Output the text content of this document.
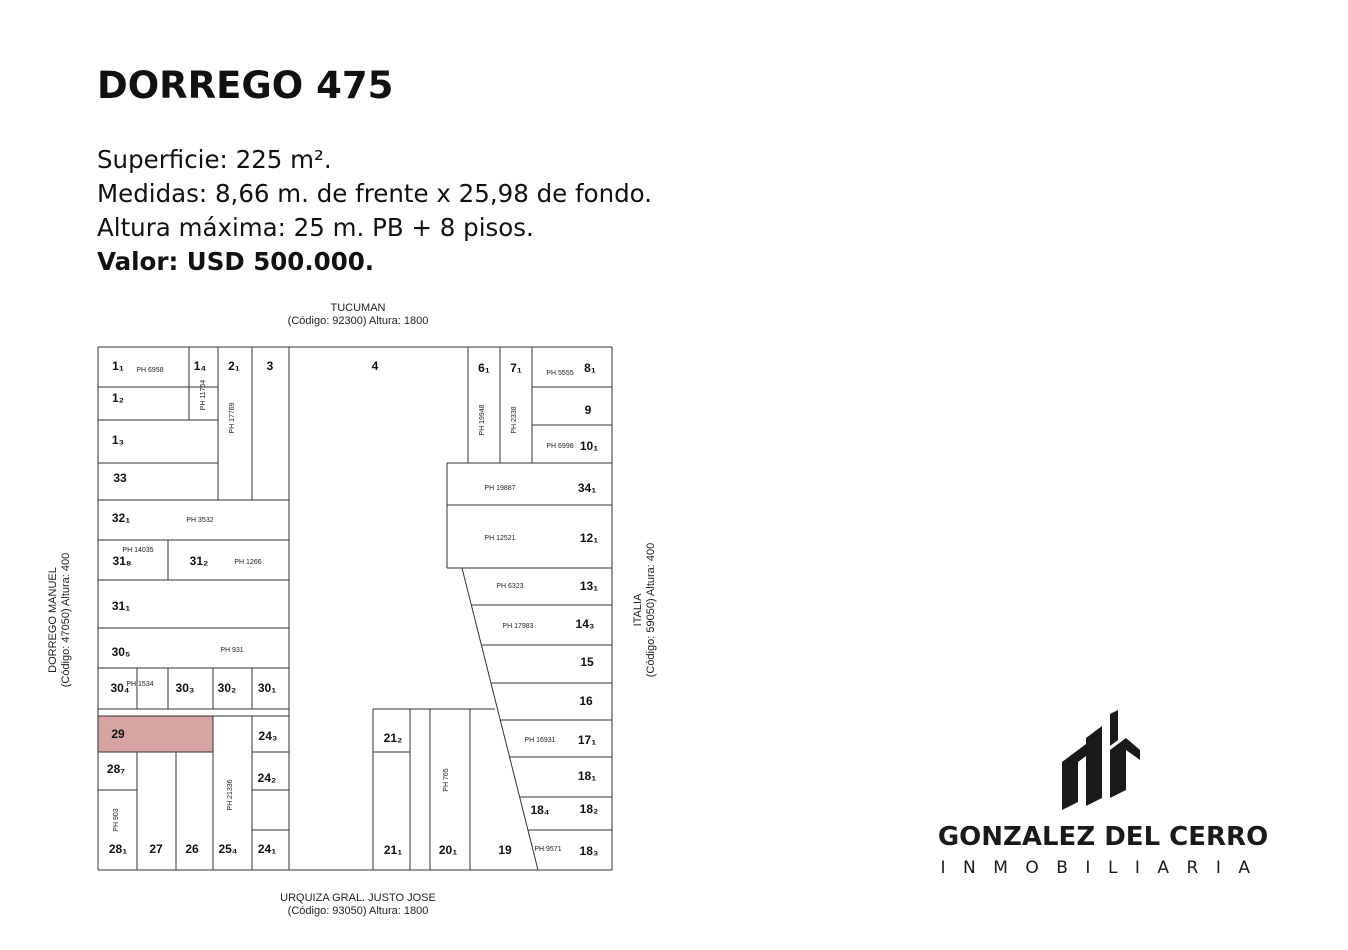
DORREGO 475
Superficie: 225 m².
Medidas: 8,66 m. de frente x 25,98 de fondo.
Altura máxima: 25 m. PB + 8 pisos.
Valor: USD 500.000.
TUCUMAN
(Código: 92300) Altura: 1800
URQUIZA GRAL. JUSTO JOSE
(Código: 93050) Altura: 1800
DORREGO MANUEL (Código: 47050) Altura: 400	ITALIA (Código: 59050) Altura: 400
1₁	1₄ 2₁ 3	4	6₁ 7₁	8₁
1₂
9
1₃	10₁
33
34₁
32₁
31₈	31₂
12₁
13₁
31₁
14₃
30₅
15
30₄	30₃ 30₂ 30₁
16
29	24₃	21₂	17₁
28₇
24₂	18₁
18₄	18₂
28₁ 27 26 25₄ 24₁	21₁	20₁	19	18₃
PH 6958
PH 11764
PH 17769	PH 19948	PH 2338
PH 5555
PH 6998
PH 19887
PH 3532
PH 14035
PH 1266
PH 12521
PH 6323
PH 17983
PH 931
PH 1534
PH 16931
PH 765
PH 21336
PH 903
PH 9571	GONZALEZ DEL CERRO
INMOBILIARIA
